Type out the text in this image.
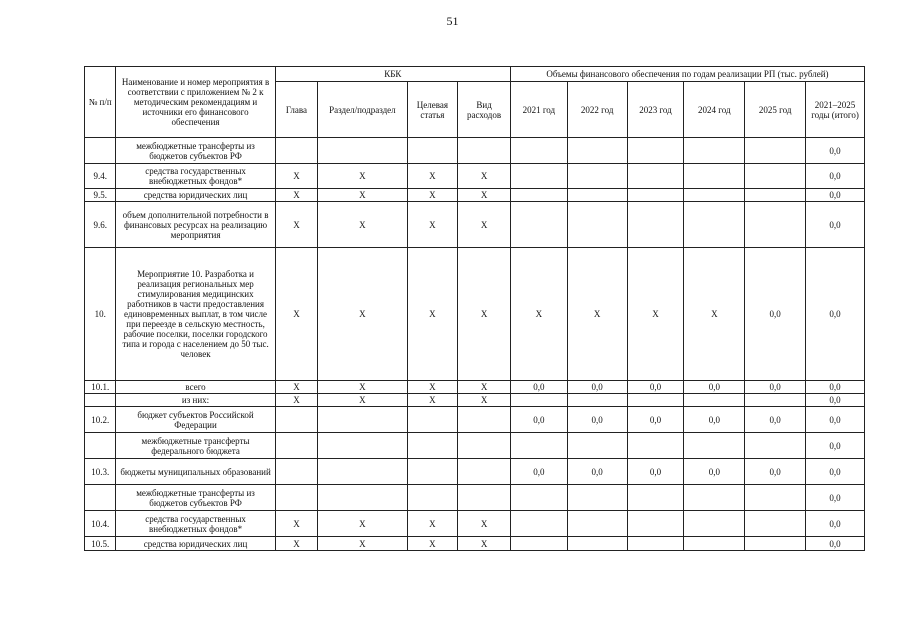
51
№ п/п	Наименование и номер мероприятия в соответствии с приложением № 2 к методическим рекомендациям и источники его финансового обеспечения	КБК				Объемы финансового обеспечения по годам реализации РП (тыс. рублей)					
		Глава	Раздел/подраздел	Целевая статья	Вид расходов	2021 год	2022 год	2023 год	2024 год	2025 год	2021–2025 годы (итого)
	межбюджетные трансферты из бюджетов субъектов РФ										0,0
9.4.	средства государственных внебюджетных фондов*	X	X	X	X						0,0
9.5.	средства юридических лиц	X	X	X	X						0,0
9.6.	объем дополнительной потребности в финансовых ресурсах на реализацию мероприятия	X	X	X	X						0,0
10.	Мероприятие 10. Разработка и реализация региональных мер стимулирования медицинских работников в части предоставления единовременных выплат, в том числе при переезде в сельскую местность, рабочие поселки, поселки городского типа и города с населением до 50 тыс. человек	X	X	X	X	X	X	X	X	0,0	0,0
10.1.	всего	X	X	X	X	0,0	0,0	0,0	0,0	0,0	0,0
	из них:	X	X	X	X						0,0
10.2.	бюджет субъектов Российской Федерации					0,0	0,0	0,0	0,0	0,0	0,0
	межбюджетные трансферты федерального бюджета										0,0
10.3.	бюджеты муниципальных образований					0,0	0,0	0,0	0,0	0,0	0,0
	межбюджетные трансферты из бюджетов субъектов РФ										0,0
10.4.	средства государственных внебюджетных фондов*	X	X	X	X						0,0
10.5.	средства юридических лиц	X	X	X	X						0,0
